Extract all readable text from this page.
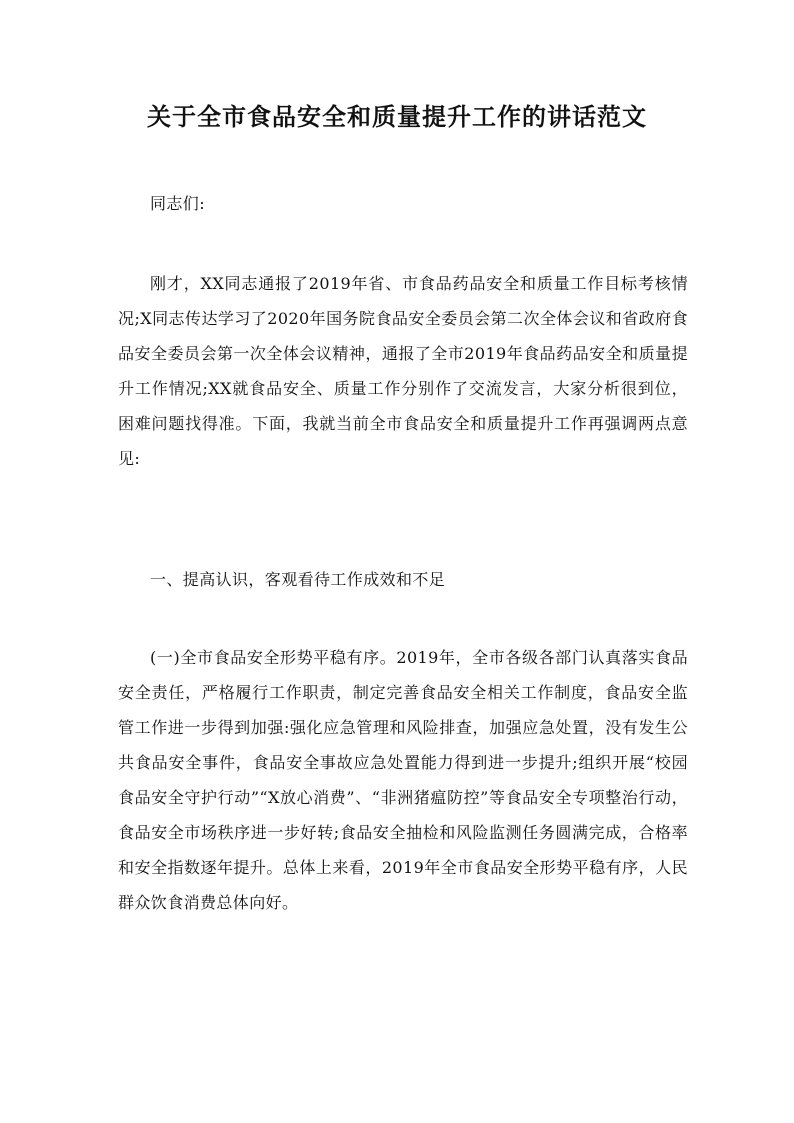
关于全市食品安全和质量提升工作的讲话范文

同志们:

刚才，XX同志通报了2019年省、市食品药品安全和质量工作目标考核情况;X同志传达学习了2020年国务院食品安全委员会第二次全体会议和省政府食品安全委员会第一次全体会议精神，通报了全市2019年食品药品安全和质量提升工作情况;XX就食品安全、质量工作分别作了交流发言，大家分析很到位，困难问题找得准。下面，我就当前全市食品安全和质量提升工作再强调两点意见:

一、提高认识，客观看待工作成效和不足

(一)全市食品安全形势平稳有序。2019年，全市各级各部门认真落实食品安全责任，严格履行工作职责，制定完善食品安全相关工作制度，食品安全监管工作进一步得到加强:强化应急管理和风险排查，加强应急处置，没有发生公共食品安全事件，食品安全事故应急处置能力得到进一步提升;组织开展“校园食品安全守护行动”“X放心消费”、“非洲猪瘟防控”等食品安全专项整治行动，食品安全市场秩序进一步好转;食品安全抽检和风险监测任务圆满完成，合格率和安全指数逐年提升。总体上来看，2019年全市食品安全形势平稳有序，人民群众饮食消费总体向好。
